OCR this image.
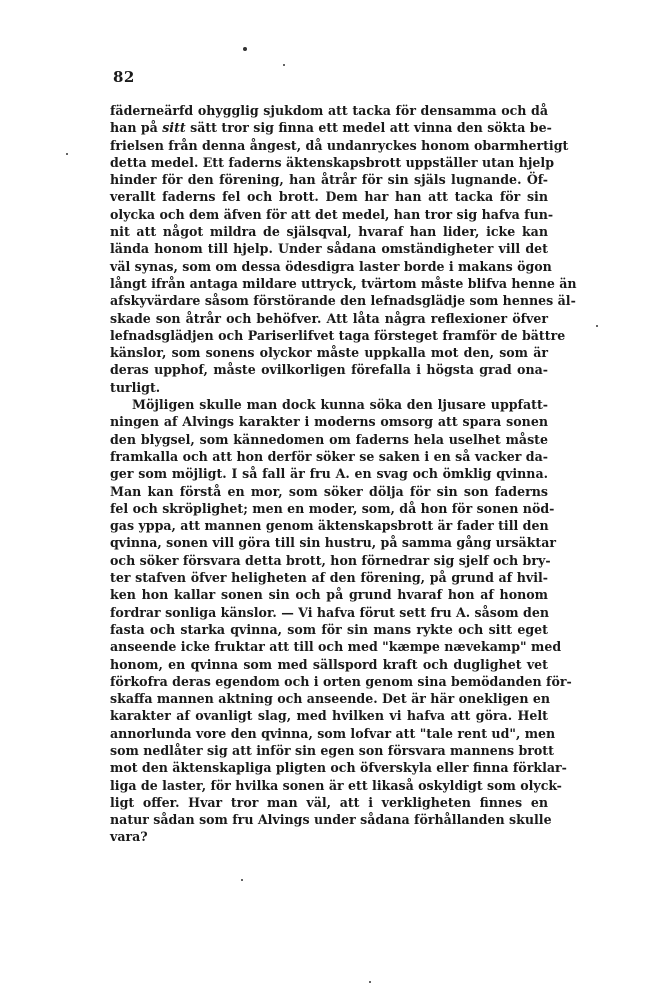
82
fäderneärfd ohygglig sjukdom att tacka för densamma och då
han på sitt sätt tror sig finna ett medel att vinna den sökta be-
frielsen från denna ångest, då undanryckes honom obarmhertigt
detta medel. Ett faderns äktenskapsbrott uppställer utan hjelp
hinder för den förening, han åtrår för sin själs lugnande. Öf-
verallt faderns fel och brott. Dem har han att tacka för sin
olycka och dem äfven för att det medel, han tror sig hafva fun-
nit att något mildra de själsqval, hvaraf han lider, icke kan
lända honom till hjelp. Under sådana omständigheter vill det
väl synas, som om dessa ödesdigra laster borde i makans ögon
långt ifrån antaga mildare uttryck, tvärtom måste blifva henne än
afskyvärdare såsom förstörande den lefnadsglädje som hennes äl-
skade son åtrår och behöfver. Att låta några reflexioner öfver
lefnadsglädjen och Pariserlifvet taga försteget framför de bättre
känslor, som sonens olyckor måste uppkalla mot den, som är
deras upphof, måste ovilkorligen förefalla i högsta grad ona-
turligt.
Möjligen skulle man dock kunna söka den ljusare uppfatt-
ningen af Alvings karakter i moderns omsorg att spara sonen
den blygsel, som kännedomen om faderns hela uselhet måste
framkalla och att hon derför söker se saken i en så vacker da-
ger som möjligt. I så fall är fru A. en svag och ömklig qvinna.
Man kan förstå en mor, som söker dölja för sin son faderns
fel och skröplighet; men en moder, som, då hon för sonen nöd-
gas yppa, att mannen genom äktenskapsbrott är fader till den
qvinna, sonen vill göra till sin hustru, på samma gång ursäktar
och söker försvara detta brott, hon förnedrar sig sjelf och bry-
ter stafven öfver heligheten af den förening, på grund af hvil-
ken hon kallar sonen sin och på grund hvaraf hon af honom
fordrar sonliga känslor. — Vi hafva förut sett fru A. såsom den
fasta och starka qvinna, som för sin mans rykte och sitt eget
anseende icke fruktar att till och med "kæmpe nævekamp" med
honom, en qvinna som med sällspord kraft och duglighet vet
förkofra deras egendom och i orten genom sina bemödanden för-
skaffa mannen aktning och anseende. Det är här onekligen en
karakter af ovanligt slag, med hvilken vi hafva att göra. Helt
annorlunda vore den qvinna, som lofvar att "tale rent ud", men
som nedlåter sig att inför sin egen son försvara mannens brott
mot den äktenskapliga pligten och öfverskyla eller finna förklar-
liga de laster, för hvilka sonen är ett likaså oskyldigt som olyck-
ligt offer. Hvar tror man väl, att i verkligheten finnes en
natur sådan som fru Alvings under sådana förhållanden skulle
vara?
